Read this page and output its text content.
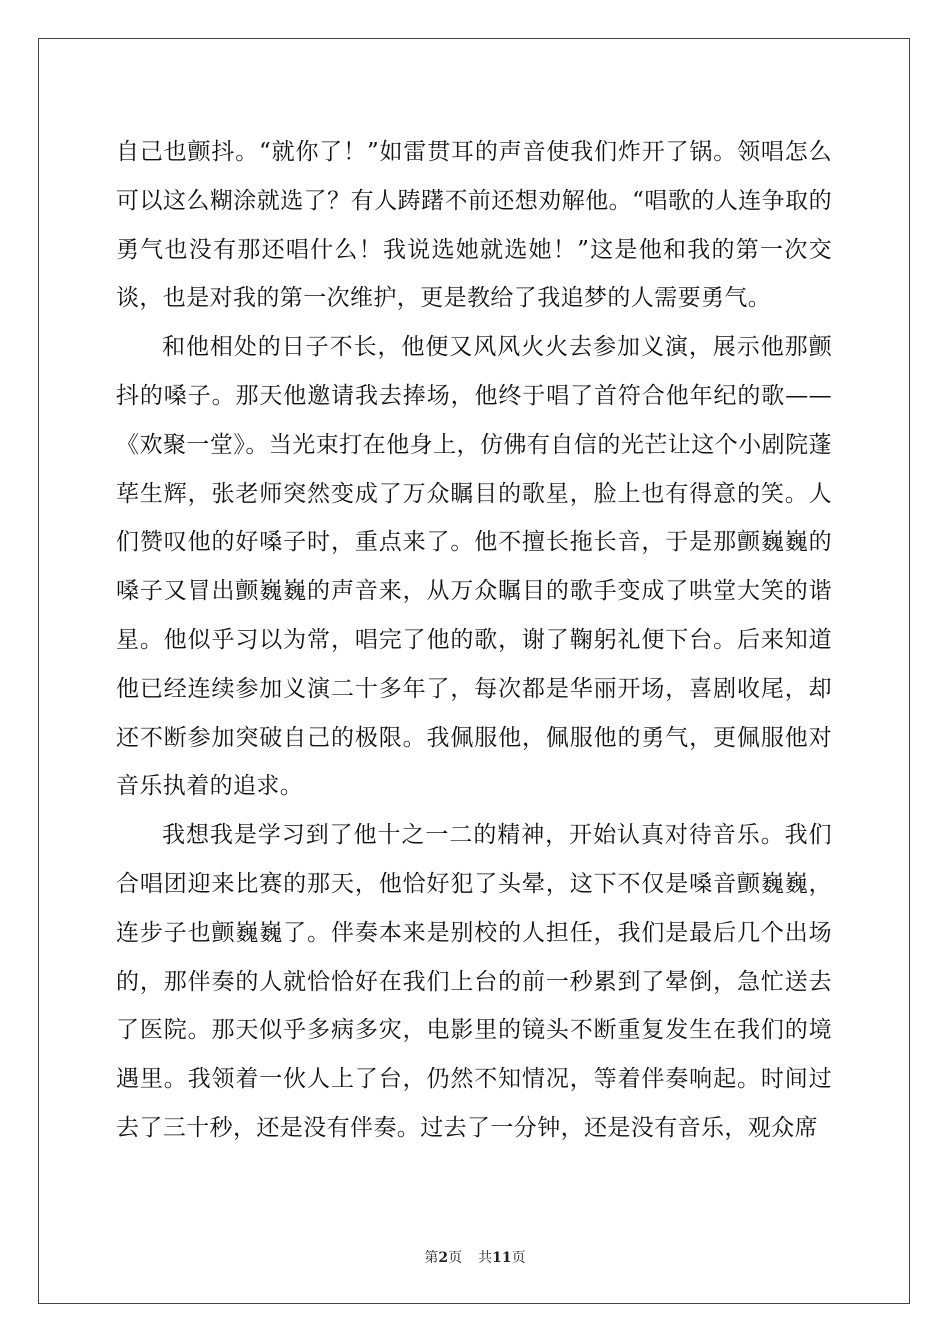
自己也颤抖。“就你了！”如雷贯耳的声音使我们炸开了锅。领唱怎么可以这么糊涂就选了？有人踌躇不前还想劝解他。“唱歌的人连争取的勇气也没有那还唱什么！我说选她就选她！”这是他和我的第一次交谈，也是对我的第一次维护，更是教给了我追梦的人需要勇气。

和他相处的日子不长，他便又风风火火去参加义演，展示他那颤抖的嗓子。那天他邀请我去捧场，他终于唱了首符合他年纪的歌——《欢聚一堂》。当光束打在他身上，仿佛有自信的光芒让这个小剧院蓬荜生辉，张老师突然变成了万众瞩目的歌星，脸上也有得意的笑。人们赞叹他的好嗓子时，重点来了。他不擅长拖长音，于是那颤巍巍的嗓子又冒出颤巍巍的声音来，从万众瞩目的歌手变成了哄堂大笑的谐星。他似乎习以为常，唱完了他的歌，谢了鞠躬礼便下台。后来知道他已经连续参加义演二十多年了，每次都是华丽开场，喜剧收尾，却还不断参加突破自己的极限。我佩服他，佩服他的勇气，更佩服他对音乐执着的追求。

我想我是学习到了他十之一二的精神，开始认真对待音乐。我们合唱团迎来比赛的那天，他恰好犯了头晕，这下不仅是嗓音颤巍巍，连步子也颤巍巍了。伴奏本来是别校的人担任，我们是最后几个出场的，那伴奏的人就恰恰好在我们上台的前一秒累到了晕倒，急忙送去了医院。那天似乎多病多灾，电影里的镜头不断重复发生在我们的境遇里。我领着一伙人上了台，仍然不知情况，等着伴奏响起。时间过去了三十秒，还是没有伴奏。过去了一分钟，还是没有音乐，观众席

第2页 共11页
